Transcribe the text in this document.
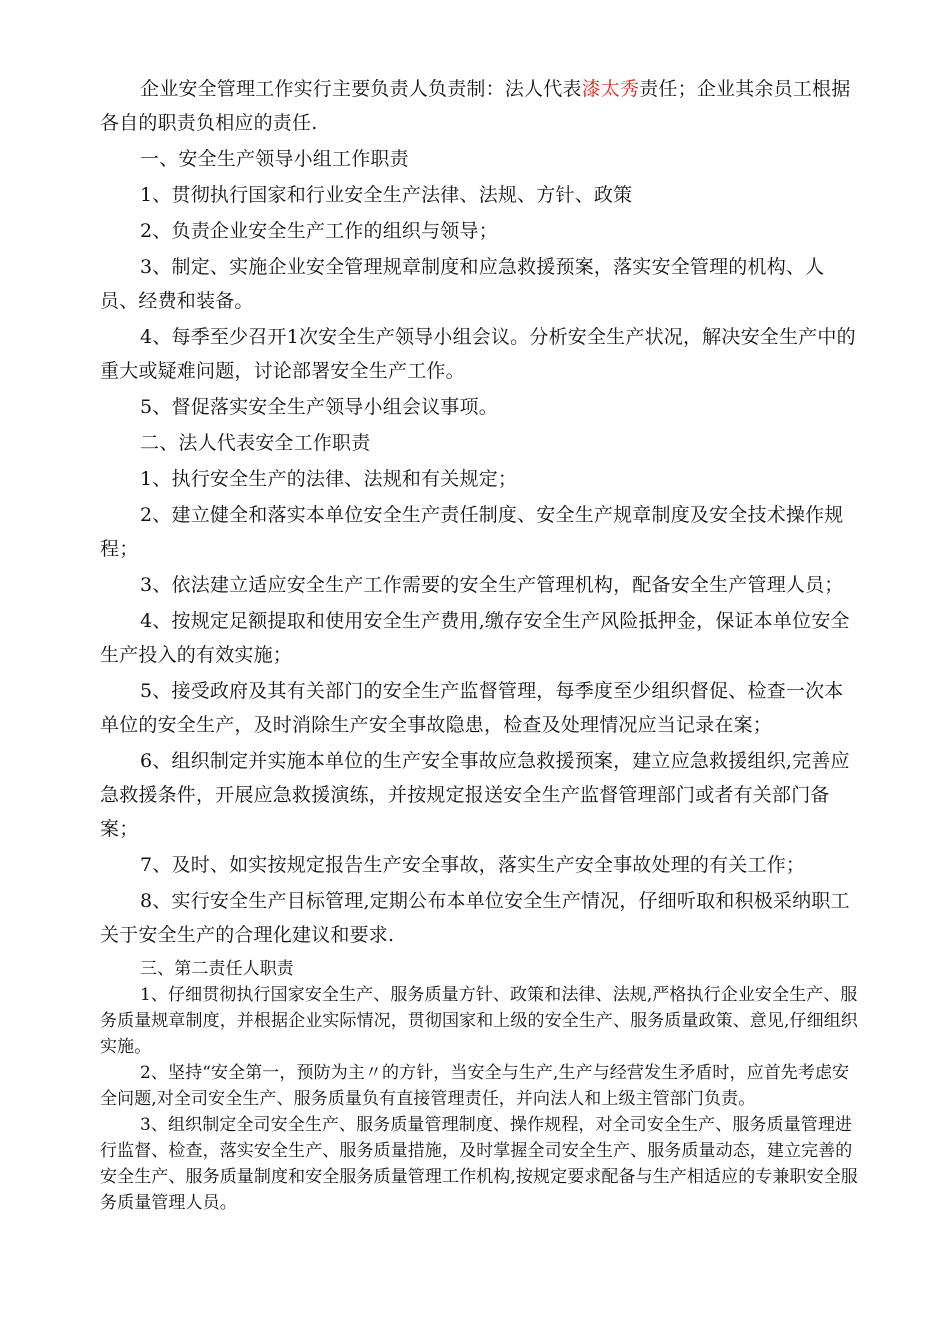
企业安全管理工作实行主要负责人负责制：法人代表漆太秀责任；企业其余员工根据各自的职责负相应的责任.

一、安全生产领导小组工作职责

1、贯彻执行国家和行业安全生产法律、法规、方针、政策

2、负责企业安全生产工作的组织与领导；

3、制定、实施企业安全管理规章制度和应急救援预案，落实安全管理的机构、人员、经费和装备。

4、每季至少召开1次安全生产领导小组会议。分析安全生产状况，解决安全生产中的重大或疑难问题，讨论部署安全生产工作。

5、督促落实安全生产领导小组会议事项。

二、法人代表安全工作职责

1、执行安全生产的法律、法规和有关规定；

2、建立健全和落实本单位安全生产责任制度、安全生产规章制度及安全技术操作规程；

3、依法建立适应安全生产工作需要的安全生产管理机构，配备安全生产管理人员；

4、按规定足额提取和使用安全生产费用,缴存安全生产风险抵押金，保证本单位安全生产投入的有效实施；

5、接受政府及其有关部门的安全生产监督管理，每季度至少组织督促、检查一次本单位的安全生产，及时消除生产安全事故隐患，检查及处理情况应当记录在案；

6、组织制定并实施本单位的生产安全事故应急救援预案，建立应急救援组织,完善应急救援条件，开展应急救援演练，并按规定报送安全生产监督管理部门或者有关部门备案；

7、及时、如实按规定报告生产安全事故，落实生产安全事故处理的有关工作；

8、实行安全生产目标管理,定期公布本单位安全生产情况，仔细听取和积极采纳职工关于安全生产的合理化建议和要求.

三、第二责任人职责

1、仔细贯彻执行国家安全生产、服务质量方针、政策和法律、法规,严格执行企业安全生产、服务质量规章制度，并根据企业实际情况，贯彻国家和上级的安全生产、服务质量政策、意见,仔细组织实施。

2、坚持“安全第一，预防为主〃的方针，当安全与生产,生产与经营发生矛盾时，应首先考虑安全问题,对全司安全生产、服务质量负有直接管理责任，并向法人和上级主管部门负责。

3、组织制定全司安全生产、服务质量管理制度、操作规程，对全司安全生产、服务质量管理进行监督、检查，落实安全生产、服务质量措施，及时掌握全司安全生产、服务质量动态，建立完善的安全生产、服务质量制度和安全服务质量管理工作机构,按规定要求配备与生产相适应的专兼职安全服务质量管理人员。
